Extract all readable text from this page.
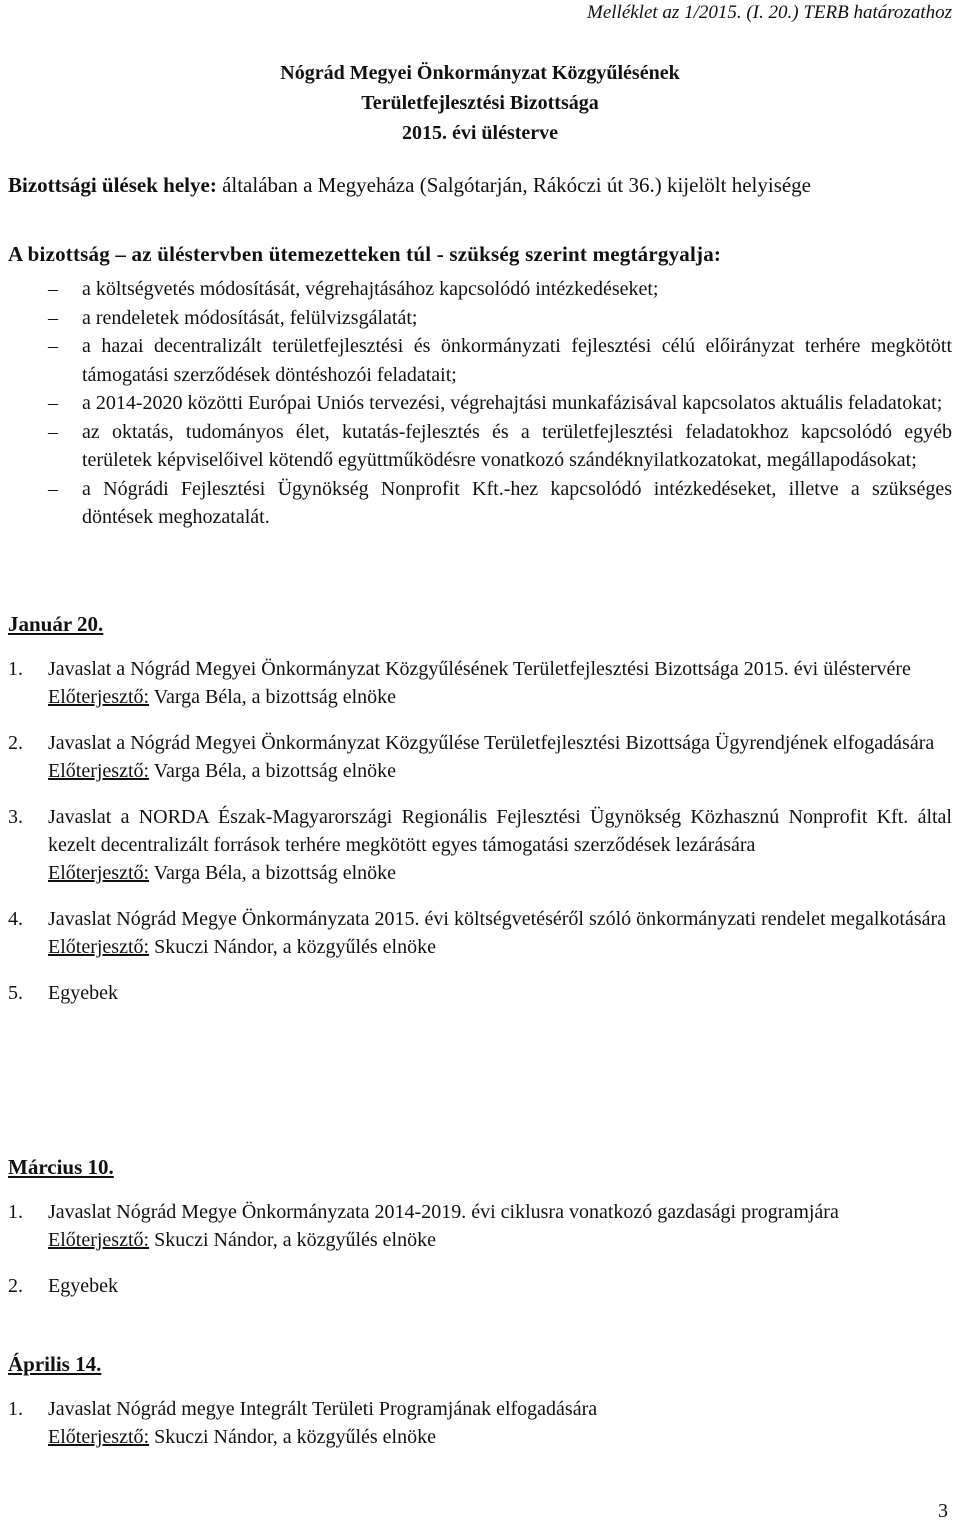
Melléklet az 1/2015. (I. 20.) TERB határozathoz
Nógrád Megyei Önkormányzat Közgyűlésének
Területfejlesztési Bizottsága
2015. évi üléstervе
Bizottsági ülések helye: általában a Megyeháza (Salgótarján, Rákóczi út 36.) kijelölt helyisége
A bizottság – az üléstervben ütemezetteken túl - szükség szerint megtárgyalja:
– a költségvetés módosítását, végrehajtásához kapcsolódó intézkedéseket;
– a rendeletek módosítását, felülvizsgálatát;
– a hazai decentralizált területfejlesztési és önkormányzati fejlesztési célú előirányzat terhére megkötött támogatási szerződések döntéshozói feladatait;
– a 2014-2020 közötti Európai Uniós tervezési, végrehajtási munkafázisával kapcsolatos aktuális feladatokat;
– az oktatás, tudományos élet, kutatás-fejlesztés és a területfejlesztési feladatokhoz kapcsolódó egyéb területek képviselőivel kötendő együttműködésre vonatkozó szándéknyilatkozatokat, megállapodásokat;
– a Nógrádi Fejlesztési Ügynökség Nonprofit Kft.-hez kapcsolódó intézkedéseket, illetve a szükséges döntések meghozatalát.
Január 20.
1. Javaslat a Nógrád Megyei Önkormányzat Közgyűlésének Területfejlesztési Bizottsága 2015. évi üléstervére
Előterjesztő: Varga Béla, a bizottság elnöke
2. Javaslat a Nógrád Megyei Önkormányzat Közgyűlése Területfejlesztési Bizottsága Ügyrendjének elfogadására
Előterjesztő: Varga Béla, a bizottság elnöke
3. Javaslat a NORDA Észak-Magyarországi Regionális Fejlesztési Ügynökség Közhasznú Nonprofit Kft. által kezelt decentralizált források terhére megkötött egyes támogatási szerződések lezárására
Előterjesztő: Varga Béla, a bizottság elnöke
4. Javaslat Nógrád Megye Önkormányzata 2015. évi költségvetéséről szóló önkormányzati rendelet megalkotására
Előterjesztő: Skuczi Nándor, a közgyűlés elnöke
5. Egyebek
Március 10.
1. Javaslat Nógrád Megye Önkormányzata 2014-2019. évi ciklusra vonatkozó gazdasági programjára
Előterjesztő: Skuczi Nándor, a közgyűlés elnöke
2. Egyebek
Április 14.
1. Javaslat Nógrád megye Integrált Területi Programjának elfogadására
Előterjesztő: Skuczi Nándor, a közgyűlés elnöke
3
